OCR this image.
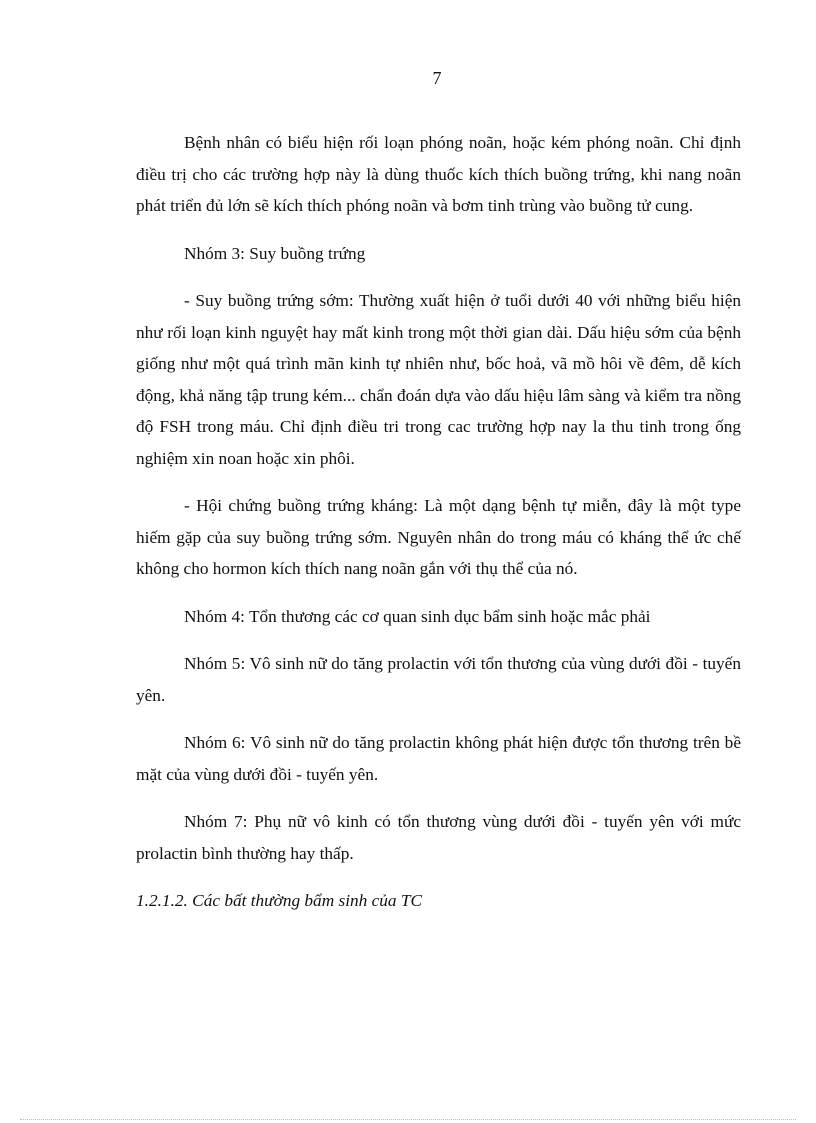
7

Bệnh nhân có biểu hiện rối loạn phóng noãn, hoặc kém phóng noãn. Chỉ định điều trị cho các trường hợp này là dùng thuốc kích thích buồng trứng, khi nang noãn phát triển đủ lớn sẽ kích thích phóng noãn và bơm tinh trùng vào buồng tử cung.

Nhóm 3: Suy buồng trứng

- Suy buồng trứng sớm: Thường xuất hiện ở tuổi dưới 40 với những biểu hiện như rối loạn kinh nguyệt hay mất kinh trong một thời gian dài. Dấu hiệu sớm của bệnh giống như một quá trình mãn kinh tự nhiên như, bốc hoả, vã mồ hôi về đêm, dễ kích động, khả năng tập trung kém... chẩn đoán dựa vào dấu hiệu lâm sàng và kiểm tra nồng độ FSH trong máu. Chỉ định điều tri trong cac trường hợp nay la thu tinh trong ống nghiệm xin noan hoặc xin phôi.

- Hội chứng buồng trứng kháng: Là một dạng bệnh tự miễn, đây là một type hiếm gặp của suy buồng trứng sớm. Nguyên nhân do trong máu có kháng thể ức chế không cho hormon kích thích nang noãn gắn với thụ thể của nó.

Nhóm 4: Tổn thương các cơ quan sinh dục bẩm sinh hoặc mắc phải

Nhóm 5: Vô sinh nữ do tăng prolactin với tổn thương của vùng dưới đồi - tuyến yên.

Nhóm 6: Vô sinh nữ do tăng prolactin không phát hiện được tổn thương trên bề mặt của vùng dưới đồi - tuyến yên.

Nhóm 7: Phụ nữ vô kinh có tổn thương vùng dưới đồi - tuyến yên với mức prolactin bình thường hay thấp.

1.2.1.2. Các bất thường bẩm sinh của TC
